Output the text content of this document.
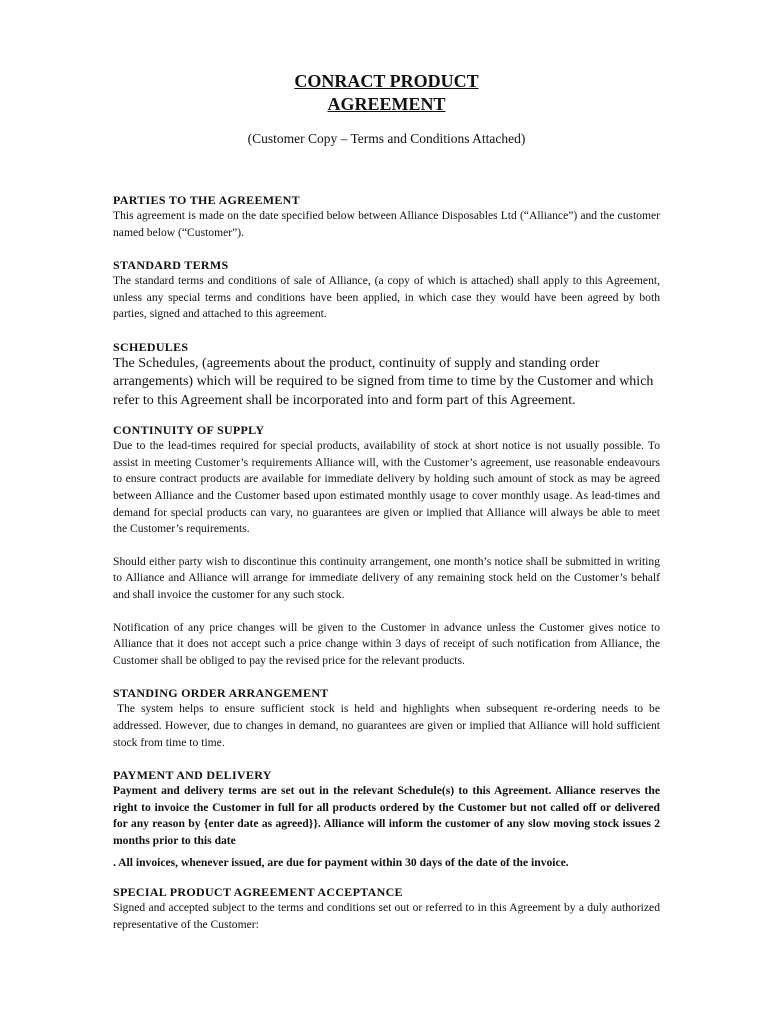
CONRACT PRODUCT
AGREEMENT

(Customer Copy – Terms and Conditions Attached)

PARTIES TO THE AGREEMENT

This agreement is made on the date specified below between Alliance Disposables Ltd (“Alliance”) and the customer named below (“Customer”).

STANDARD TERMS

The standard terms and conditions of sale of Alliance, (a copy of which is attached) shall apply to this Agreement, unless any special terms and conditions have been applied, in which case they would have been agreed by both parties, signed and attached to this agreement.

SCHEDULES

The Schedules, (agreements about the product, continuity of supply and standing order arrangements) which will be required to be signed from time to time by the Customer and which refer to this Agreement shall be incorporated into and form part of this Agreement.

CONTINUITY OF SUPPLY

Due to the lead-times required for special products, availability of stock at short notice is not usually possible. To assist in meeting Customer’s requirements Alliance will, with the Customer’s agreement, use reasonable endeavours to ensure contract products are available for immediate delivery by holding such amount of stock as may be agreed between Alliance and the Customer based upon estimated monthly usage to cover monthly usage. As lead-times and demand for special products can vary, no guarantees are given or implied that Alliance will always be able to meet the Customer’s requirements.

Should either party wish to discontinue this continuity arrangement, one month’s notice shall be submitted in writing to Alliance and Alliance will arrange for immediate delivery of any remaining stock held on the Customer’s behalf and shall invoice the customer for any such stock.

Notification of any price changes will be given to the Customer in advance unless the Customer gives notice to Alliance that it does not accept such a price change within 3 days of receipt of such notification from Alliance, the Customer shall be obliged to pay the revised price for the relevant products.

STANDING ORDER ARRANGEMENT

The system helps to ensure sufficient stock is held and highlights when subsequent re-ordering needs to be addressed. However, due to changes in demand, no guarantees are given or implied that Alliance will hold sufficient stock from time to time.

PAYMENT AND DELIVERY

Payment and delivery terms are set out in the relevant Schedule(s) to this Agreement. Alliance reserves the right to invoice the Customer in full for all products ordered by the Customer but not called off or delivered for any reason by {enter date as agreed}}. Alliance will inform the customer of any slow moving stock issues 2 months prior to this date

. All invoices, whenever issued, are due for payment within 30 days of the date of the invoice.

SPECIAL PRODUCT AGREEMENT ACCEPTANCE

Signed and accepted subject to the terms and conditions set out or referred to in this Agreement by a duly authorized representative of the Customer:
